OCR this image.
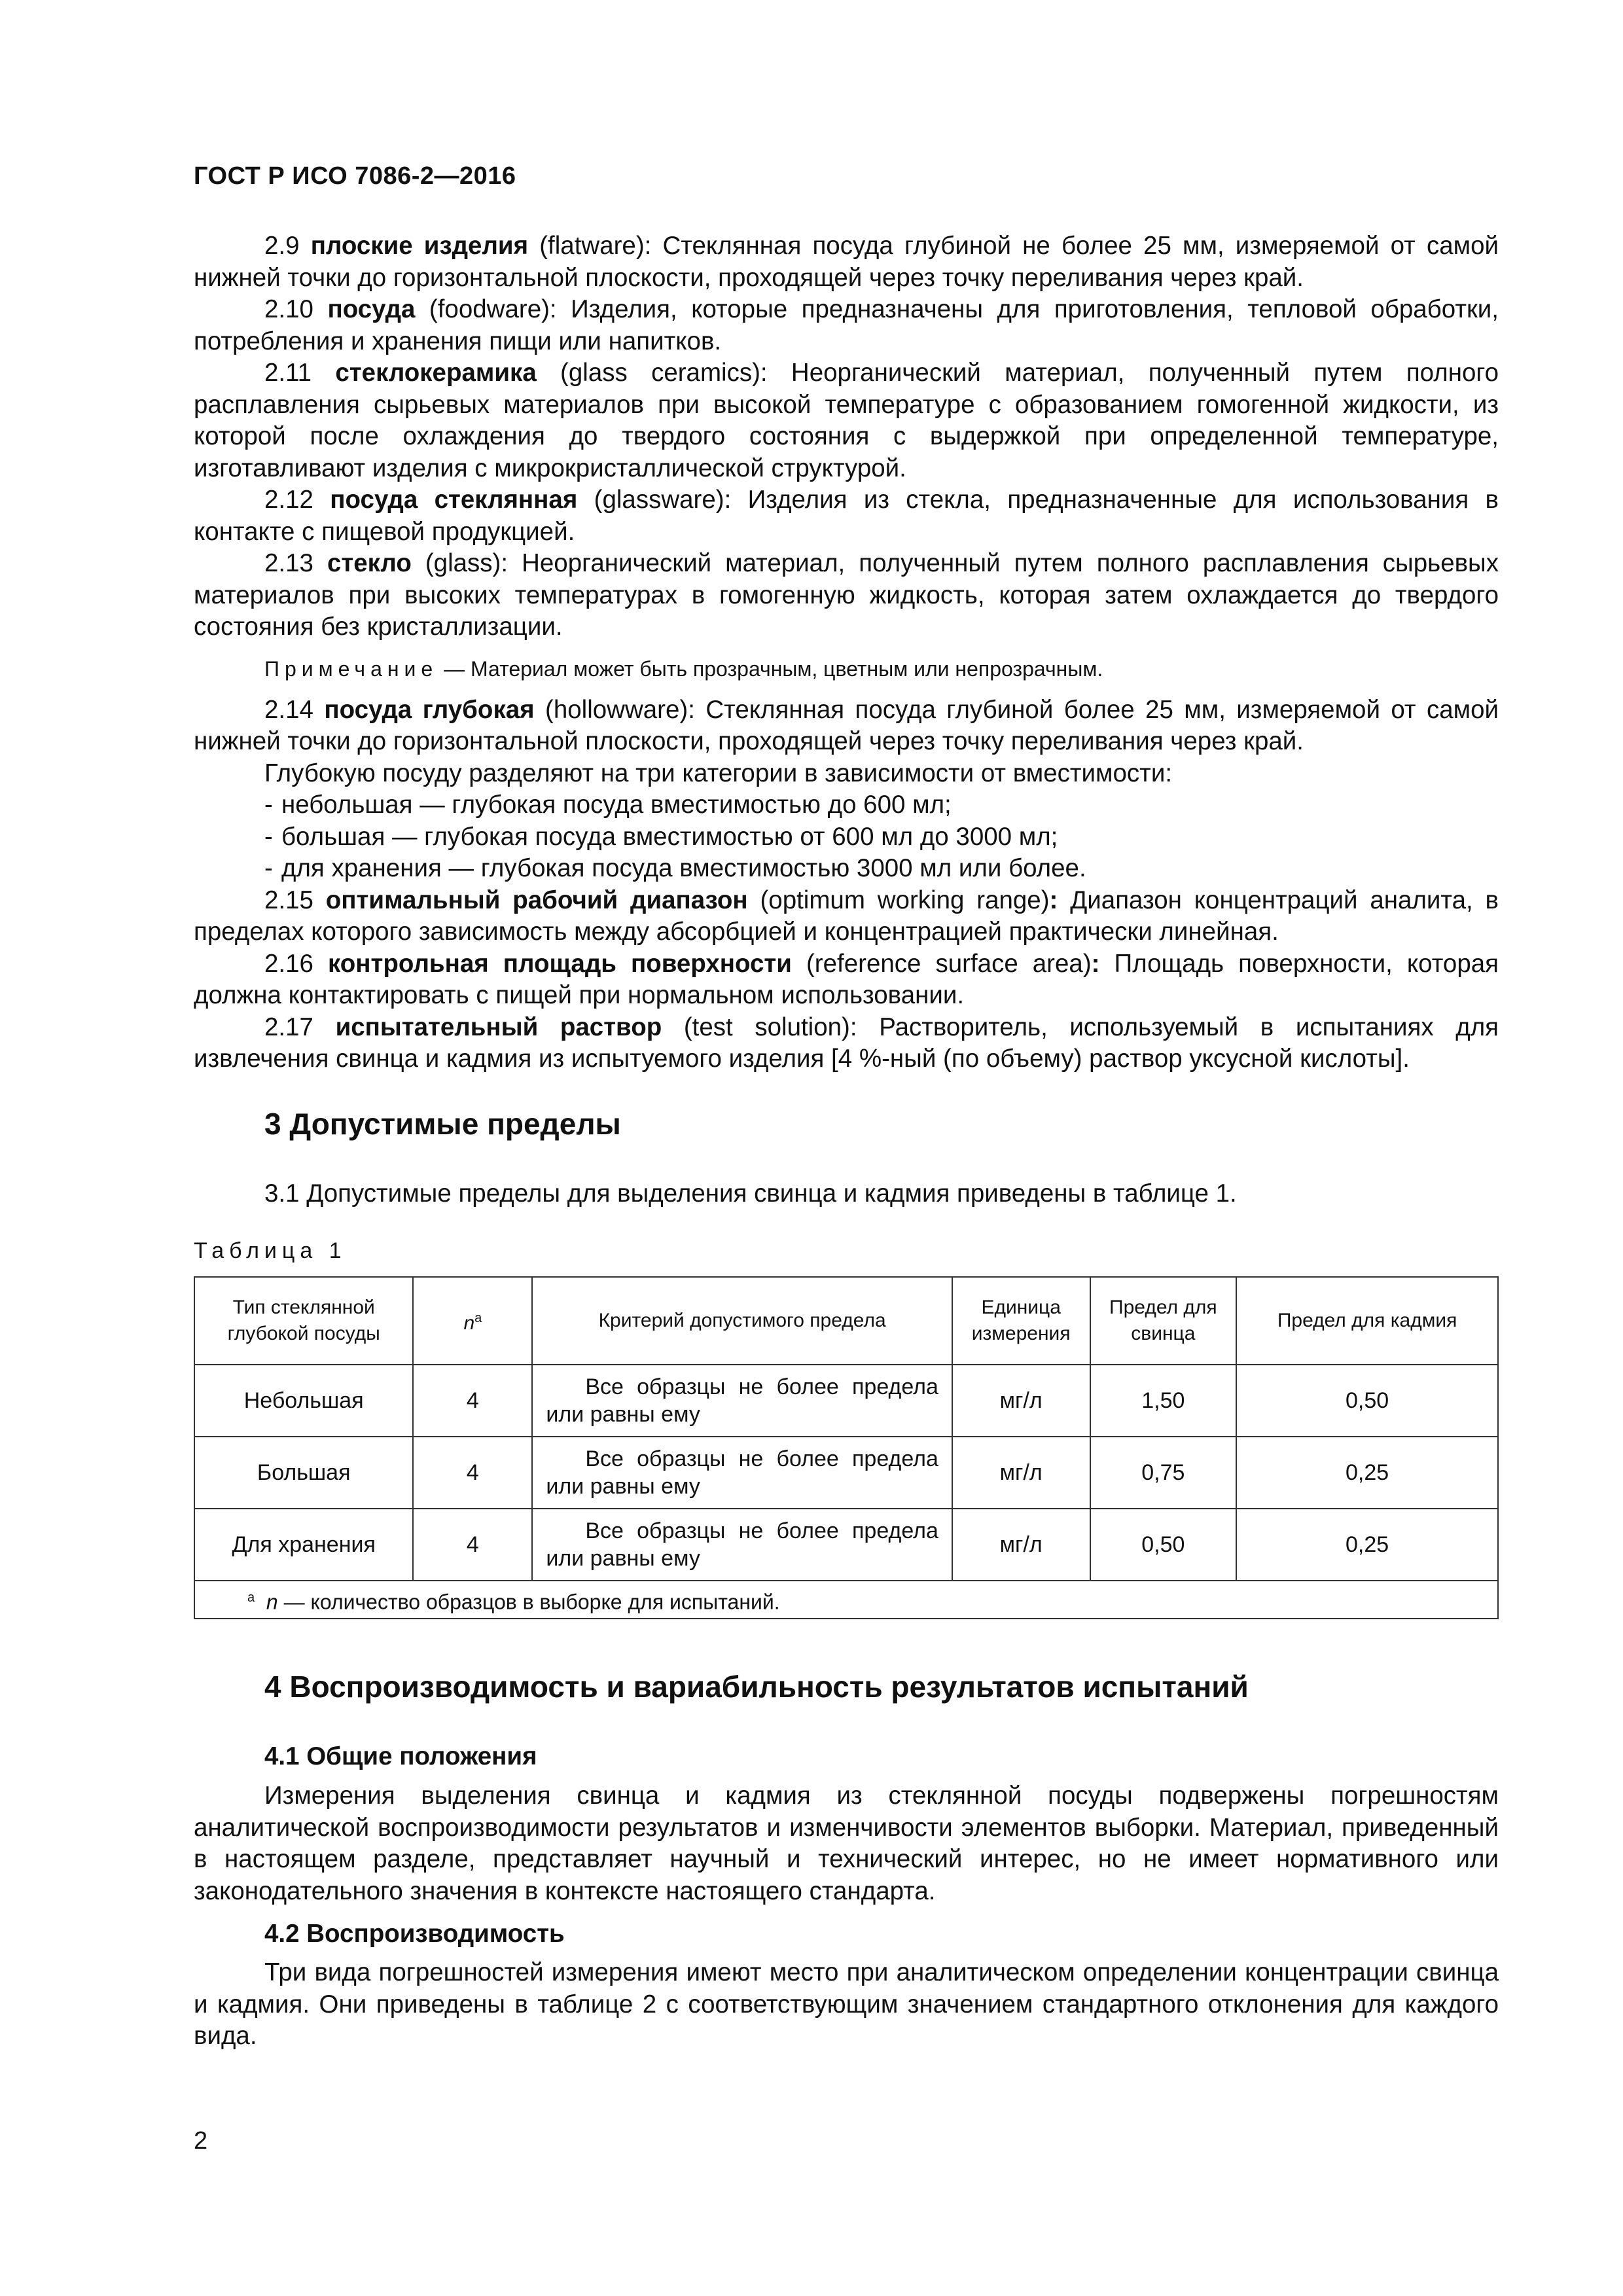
ГОСТ Р ИСО 7086-2—2016

2.9 плоские изделия (flatware): Стеклянная посуда глубиной не более 25 мм, измеряемой от самой нижней точки до горизонтальной плоскости, проходящей через точку переливания через край.

2.10 посуда (foodware): Изделия, которые предназначены для приготовления, тепловой обработки, потребления и хранения пищи или напитков.

2.11 стеклокерамика (glass ceramics): Неорганический материал, полученный путем полного расплавления сырьевых материалов при высокой температуре с образованием гомогенной жидкости, из которой после охлаждения до твердого состояния с выдержкой при определенной температуре, изготавливают изделия с микрокристаллической структурой.

2.12 посуда стеклянная (glassware): Изделия из стекла, предназначенные для использования в контакте с пищевой продукцией.

2.13 стекло (glass): Неорганический материал, полученный путем полного расплавления сырьевых материалов при высоких температурах в гомогенную жидкость, которая затем охлаждается до твердого состояния без кристаллизации.

Примечание — Материал может быть прозрачным, цветным или непрозрачным.

2.14 посуда глубокая (hollowware): Стеклянная посуда глубиной более 25 мм, измеряемой от самой нижней точки до горизонтальной плоскости, проходящей через точку переливания через край.

Глубокую посуду разделяют на три категории в зависимости от вместимости:

- небольшая — глубокая посуда вместимостью до 600 мл;

- большая — глубокая посуда вместимостью от 600 мл до 3000 мл;

- для хранения — глубокая посуда вместимостью 3000 мл или более.

2.15 оптимальный рабочий диапазон (optimum working range): Диапазон концентраций аналита, в пределах которого зависимость между абсорбцией и концентрацией практически линейная.

2.16 контрольная площадь поверхности (reference surface area): Площадь поверхности, которая должна контактировать с пищей при нормальном использовании.

2.17 испытательный раствор (test solution): Растворитель, используемый в испытаниях для извлечения свинца и кадмия из испытуемого изделия [4 %-ный (по объему) раствор уксусной кислоты].

3 Допустимые пределы
3.1 Допустимые пределы для выделения свинца и кадмия приведены в таблице 1.
Таблица 1
Тип стеклянной глубокой посуды	$n^a$	Критерий допустимого предела	Единица измерения	Предел для свинца	Предел для кадмия
Небольшая	4	Все образцы не более предела или равны ему	мг/л	1,50	0,50
Большая	4	Все образцы не более предела или равны ему	мг/л	0,75	0,25
Для хранения	4	Все образцы не более предела или равны ему	мг/л	0,50	0,25
$^a$ n — количество образцов в выборке для испытаний.					
4 Воспроизводимость и вариабильность результатов испытаний
4.1 Общие положения
Измерения выделения свинца и кадмия из стеклянной посуды подвержены погрешностям аналитической воспроизводимости результатов и изменчивости элементов выборки. Материал, приведенный в настоящем разделе, представляет научный и технический интерес, но не имеет нормативного или законодательного значения в контексте настоящего стандарта.
4.2 Воспроизводимость
Три вида погрешностей измерения имеют место при аналитическом определении концентрации свинца и кадмия. Они приведены в таблице 2 с соответствующим значением стандартного отклонения для каждого вида.
2
